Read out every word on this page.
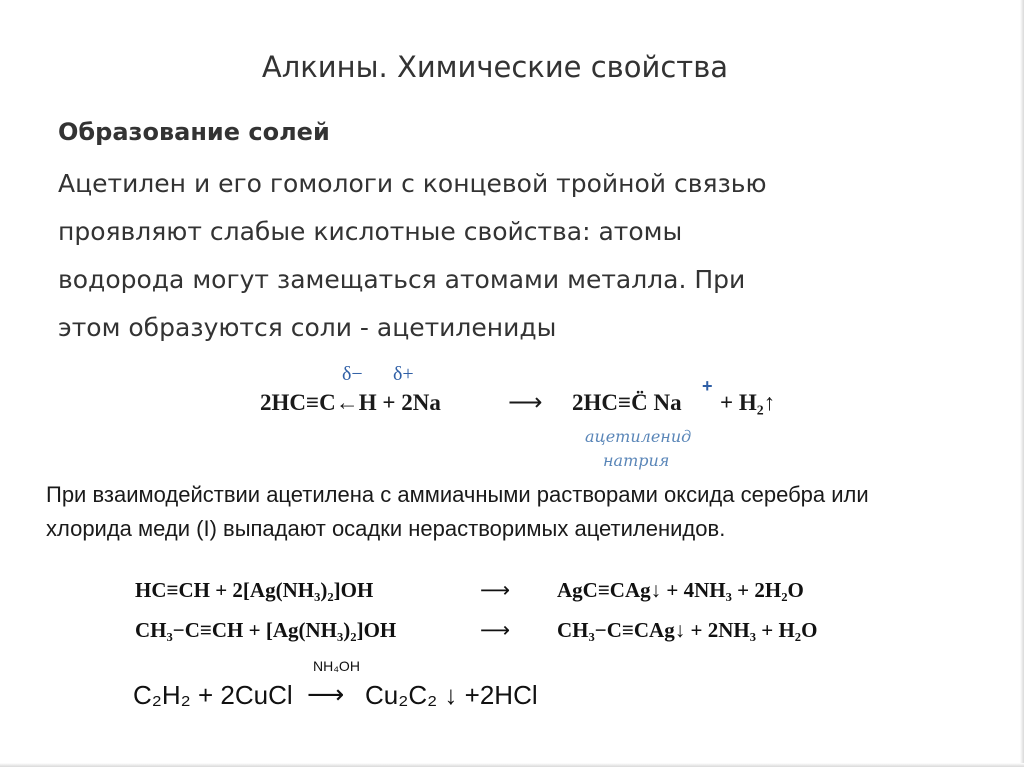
Алкины. Химические свойства
Образование солей
Ацетилен и его гомологи с концевой тройной связью
проявляют слабые кислотные свойства: атомы
водорода могут замещаться атомами металла. При
этом образуются соли - ацетилениды
δ− δ+
2HC≡C←H + 2Na	⟶ 2HC≡C̈ Na
+
+ H₂↑
ацетиленид
натрия
При взаимодействии ацетилена с аммиачными растворами оксида серебра или
хлорида меди (I) выпадают осадки нерастворимых ацетиленидов.
HC≡CH + 2[Ag(NH₃)₂]OH	⟶ AgC≡CAg↓ + 4NH₃ + 2H₂O
CH₃−C≡CH + [Ag(NH₃)₂]OH	⟶ CH₃−C≡CAg↓ + 2NH₃ + H₂O
C₂H₂ + 2CuCl
NH₄OH
⟶ Cu₂C₂ ↓ +2HCl
